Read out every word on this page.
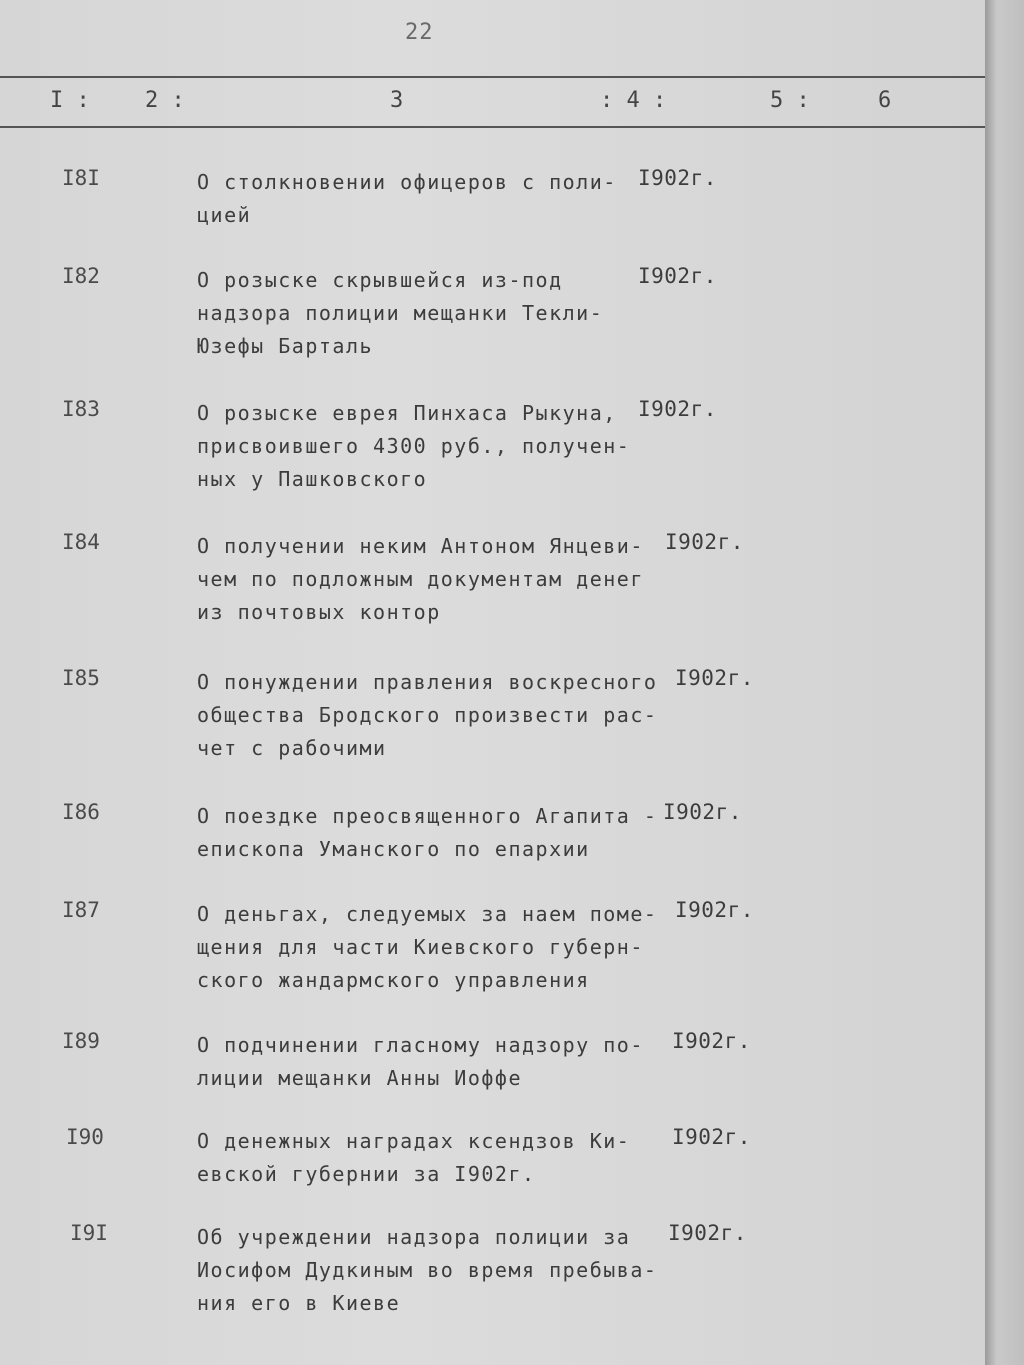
22
I :	2 :	3	: 4 :	5 :	6
I8I	О столкновении офицеров с поли-
цией
I902г.
I82	О розыске скрывшейся из-под
надзора полиции мещанки Текли-
Юзефы Барталь
I902г.
I83	О розыске еврея Пинхаса Рыкуна,
присвоившего 4300 руб., получен-
ных у Пашковского
I902г.
I84	О получении неким Антоном Янцеви-
чем по подложным документам денег
из почтовых контор
I902г.
I85	О понуждении правления воскресного
общества Бродского произвести рас-
чет с рабочими
I902г.
I86	О поездке преосвященного Агапита -
епископа Уманского по епархии
I902г.
I87	О деньгах, следуемых за наем поме-
щения для части Киевского губерн-
ского жандармского управления
I902г.
I89	О подчинении гласному надзору по-
лиции мещанки Анны Иоффе
I902г.
I90	О денежных наградах ксендзов Ки-
евской губернии за I902г.
I902г.
I9I	Об учреждении надзора полиции за
Иосифом Дудкиным во время пребыва-
ния его в Киеве
I902г.
